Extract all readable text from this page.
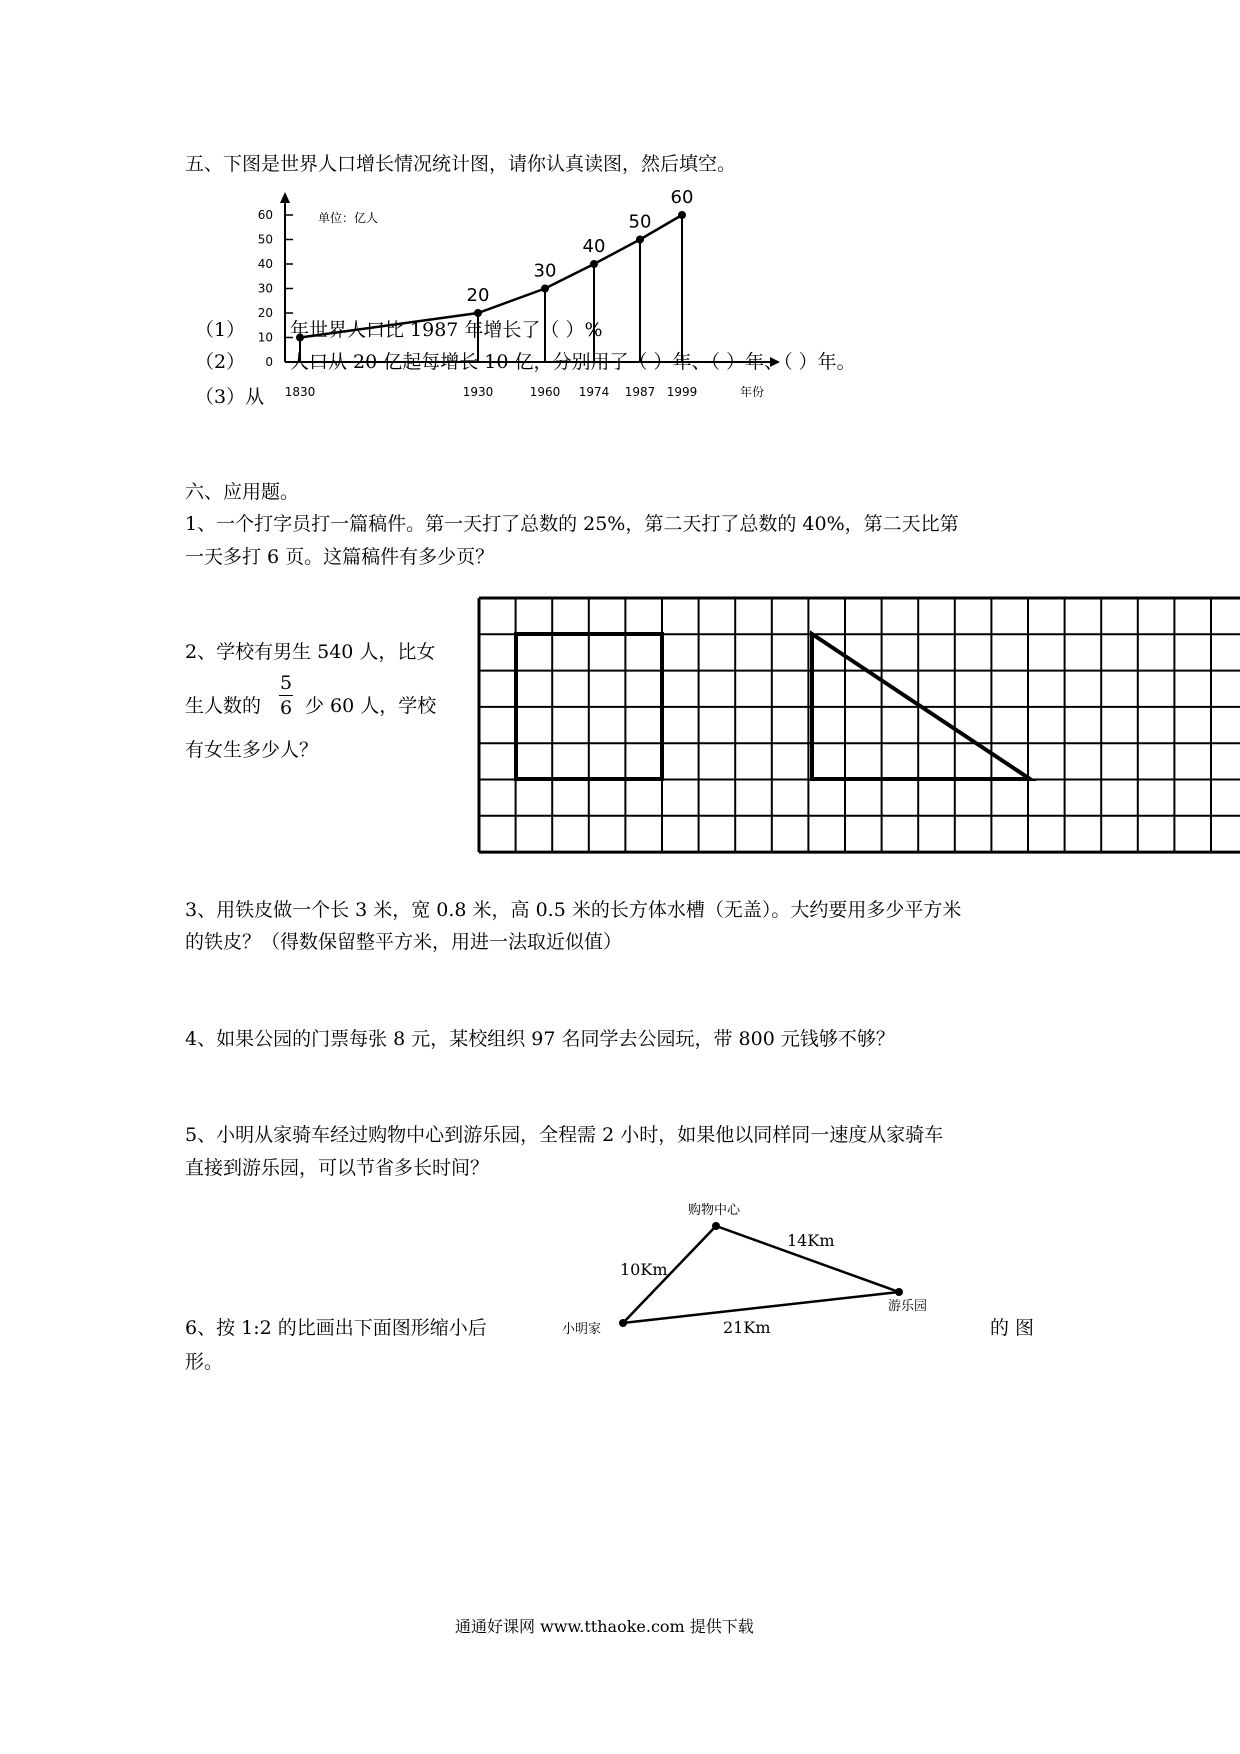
五、下图是世界人口增长情况统计图，请你认真读图，然后填空。
0
10
20
30
40
50
60
1830	1930	1960 1974 1987 1999	年份
20
30
40
50
60
单位：亿人
（1） 年世界人口比 1987 年增长了（ ）%
（2） 人口从 20 亿起每增长 10 亿，分别用了（ ）年、（ ）年、（ ）年。
（3）从
六、应用题。
1、一个打字员打一篇稿件。第一天打了总数的 25%，第二天打了总数的 40%，第二天比第
一天多打 6 页。这篇稿件有多少页？
2、学校有男生 540 人，比女
生人数的
5
6 少 60 人，学校
有女生多少人？
3、用铁皮做一个长 3 米，宽 0.8 米，高 0.5 米的长方体水槽（无盖）。大约要用多少平方米
的铁皮？（得数保留整平方米，用进一法取近似值）
4、如果公园的门票每张 8 元，某校组织 97 名同学去公园玩，带 800 元钱够不够？
5、小明从家骑车经过购物中心到游乐园，全程需 2 小时，如果他以同样同一速度从家骑车
直接到游乐园，可以节省多长时间？
购物中心
小明家
游乐园
10Km
14Km
21Km
6、按 1:2 的比画出下面图形缩小后	的 图
形。
通通好课网 www.tthaoke.com 提供下载
